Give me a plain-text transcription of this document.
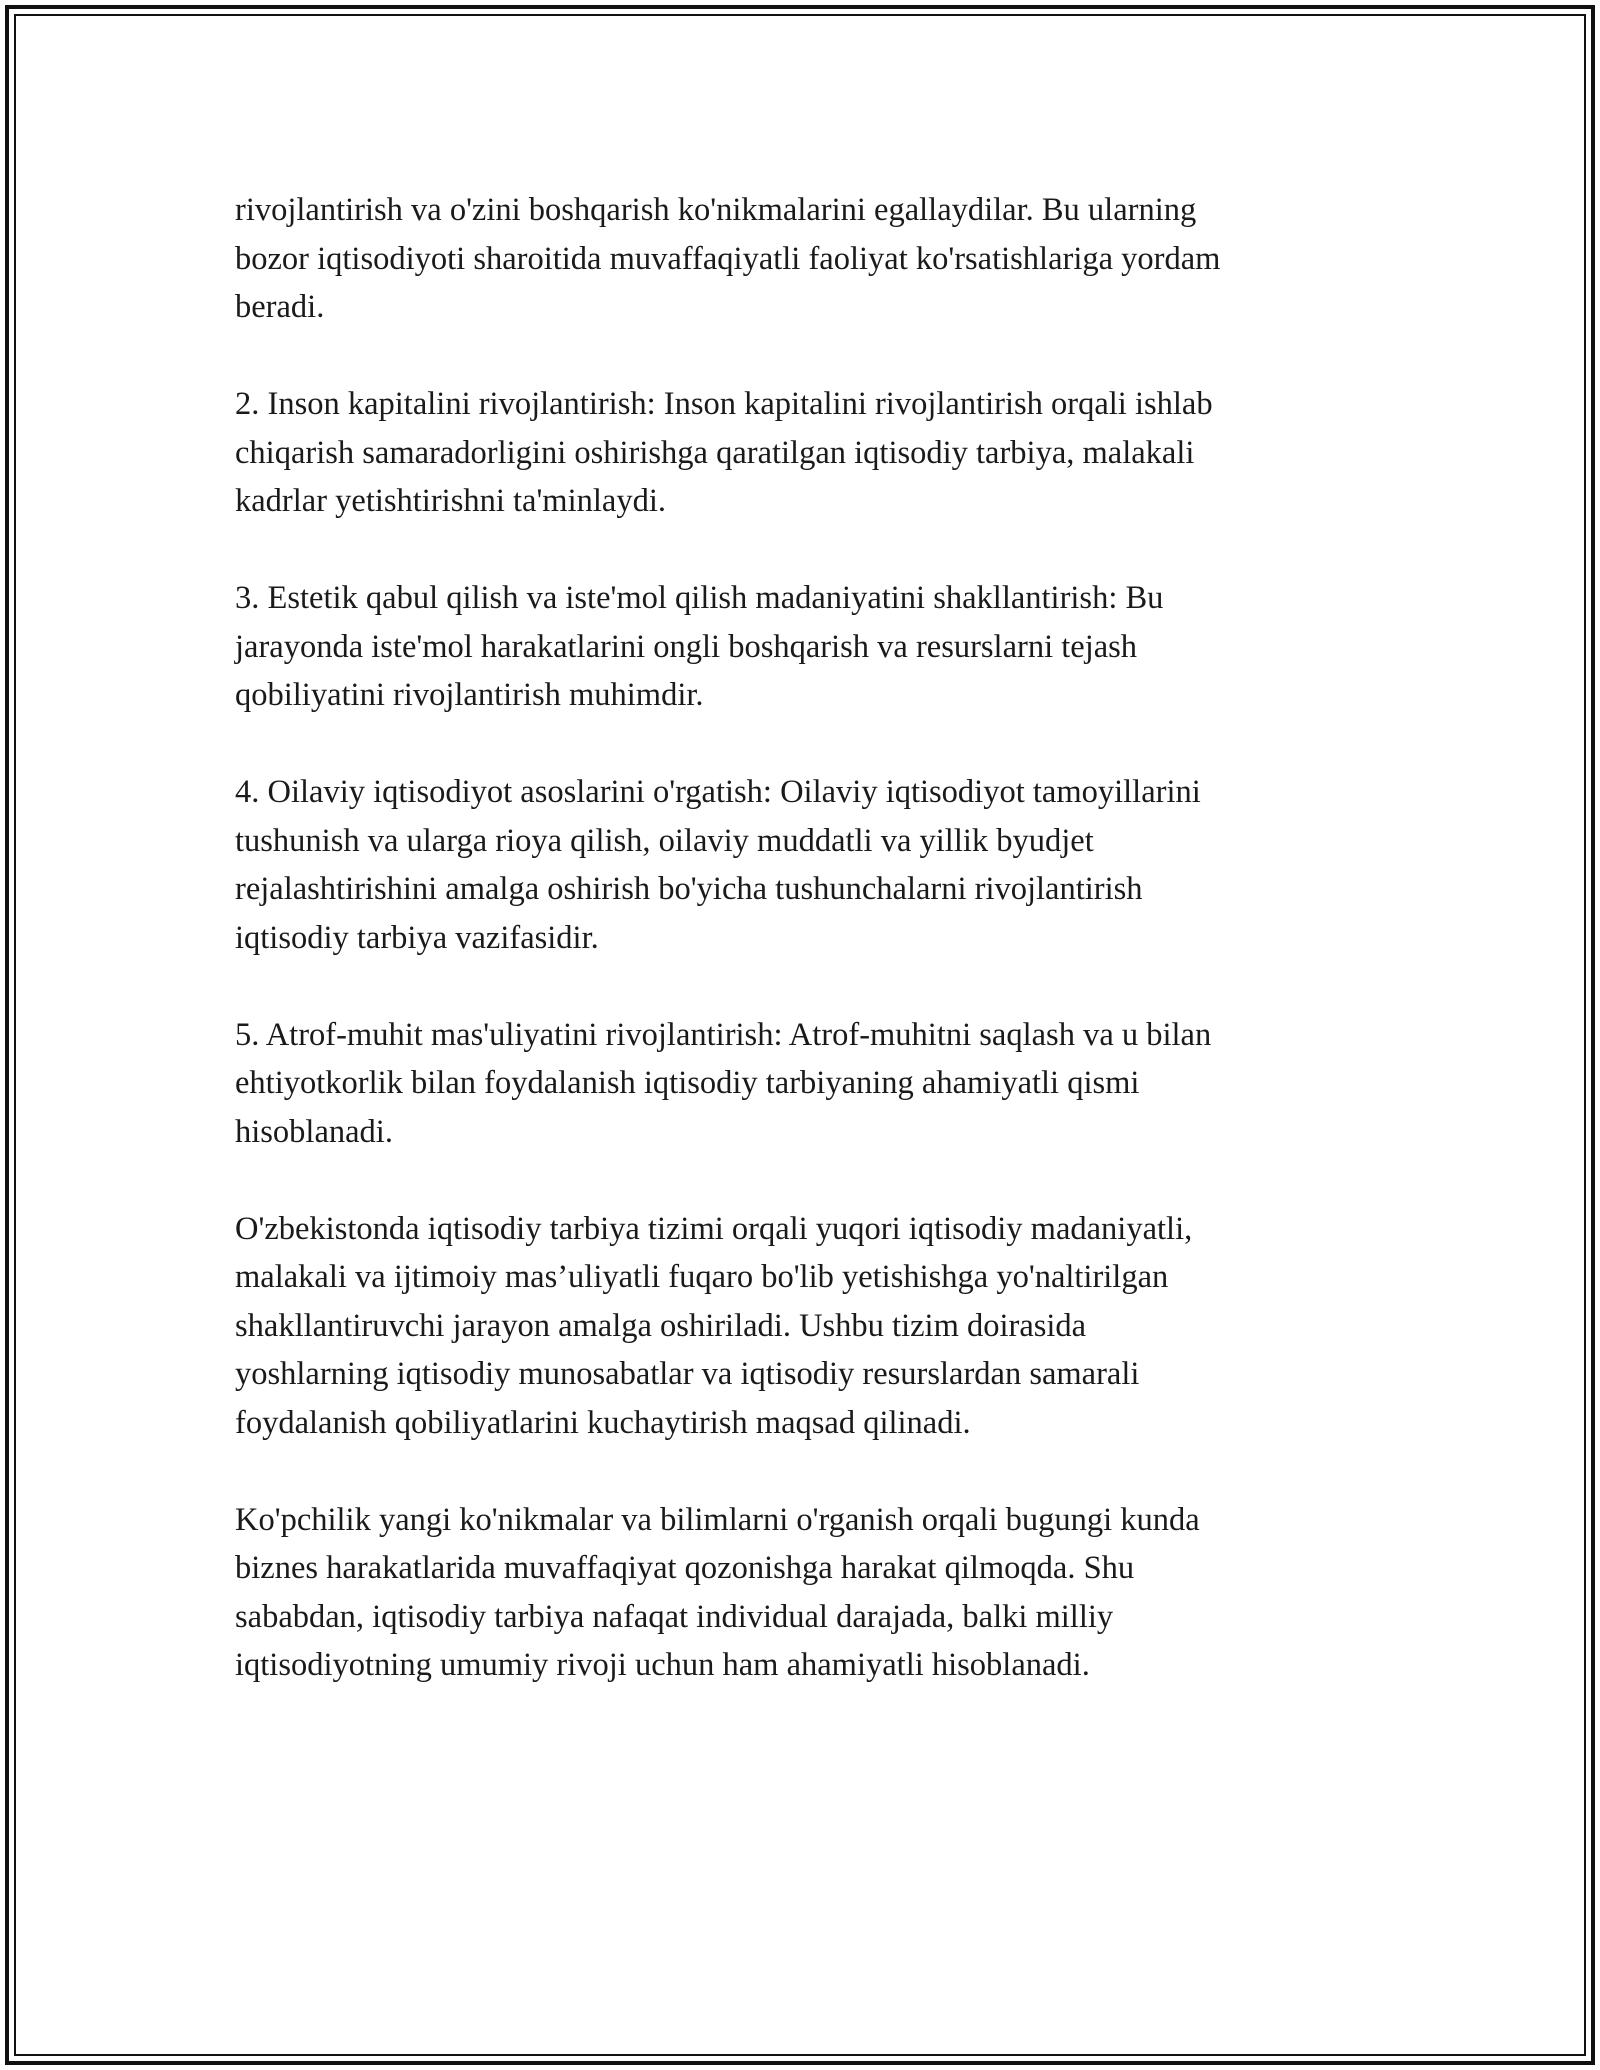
rivojlantirish va o'zini boshqarish ko'nikmalarini egallaydilar. Bu ularning
bozor iqtisodiyoti sharoitida muvaffaqiyatli faoliyat ko'rsatishlariga yordam
beradi.

2. Inson kapitalini rivojlantirish: Inson kapitalini rivojlantirish orqali ishlab
chiqarish samaradorligini oshirishga qaratilgan iqtisodiy tarbiya, malakali
kadrlar yetishtirishni ta'minlaydi.

3. Estetik qabul qilish va iste'mol qilish madaniyatini shakllantirish: Bu
jarayonda iste'mol harakatlarini ongli boshqarish va resurslarni tejash
qobiliyatini rivojlantirish muhimdir.

4. Oilaviy iqtisodiyot asoslarini o'rgatish: Oilaviy iqtisodiyot tamoyillarini
tushunish va ularga rioya qilish, oilaviy muddatli va yillik byudjet
rejalashtirishini amalga oshirish bo'yicha tushunchalarni rivojlantirish
iqtisodiy tarbiya vazifasidir.

5. Atrof-muhit mas'uliyatini rivojlantirish: Atrof-muhitni saqlash va u bilan
ehtiyotkorlik bilan foydalanish iqtisodiy tarbiyaning ahamiyatli qismi
hisoblanadi.

O'zbekistonda iqtisodiy tarbiya tizimi orqali yuqori iqtisodiy madaniyatli,
malakali va ijtimoiy mas’uliyatli fuqaro bo'lib yetishishga yo'naltirilgan
shakllantiruvchi jarayon amalga oshiriladi. Ushbu tizim doirasida
yoshlarning iqtisodiy munosabatlar va iqtisodiy resurslardan samarali
foydalanish qobiliyatlarini kuchaytirish maqsad qilinadi.

Ko'pchilik yangi ko'nikmalar va bilimlarni o'rganish orqali bugungi kunda
biznes harakatlarida muvaffaqiyat qozonishga harakat qilmoqda. Shu
sababdan, iqtisodiy tarbiya nafaqat individual darajada, balki milliy
iqtisodiyotning umumiy rivoji uchun ham ahamiyatli hisoblanadi.
